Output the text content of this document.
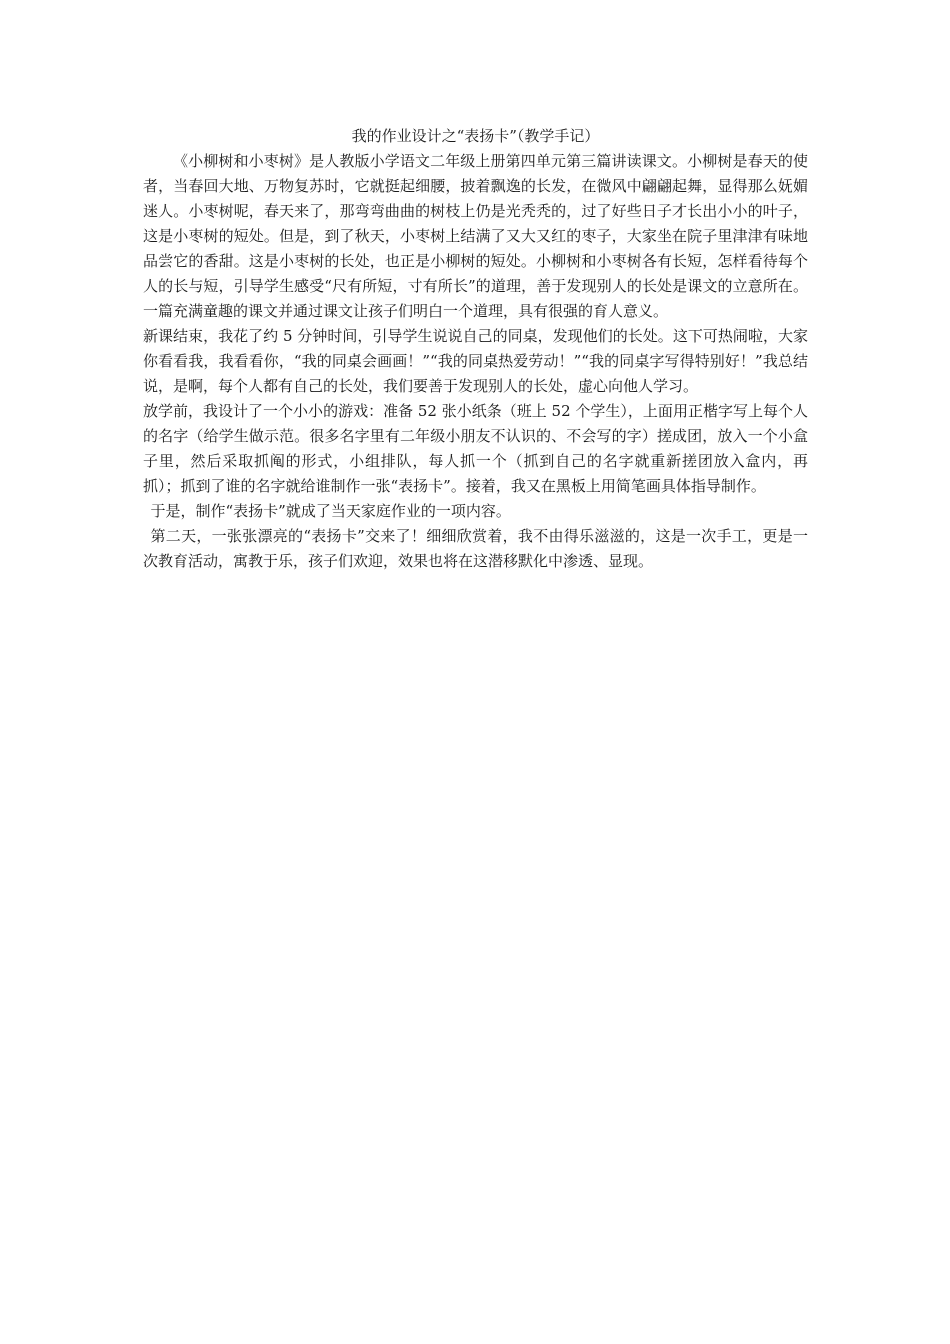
我的作业设计之“表扬卡”（教学手记）

《小柳树和小枣树》是人教版小学语文二年级上册第四单元第三篇讲读课文。小柳树是春天的使者，当春回大地、万物复苏时，它就挺起细腰，披着飘逸的长发，在微风中翩翩起舞，显得那么妩媚迷人。小枣树呢，春天来了，那弯弯曲曲的树枝上仍是光秃秃的，过了好些日子才长出小小的叶子，这是小枣树的短处。但是，到了秋天，小枣树上结满了又大又红的枣子，大家坐在院子里津津有味地品尝它的香甜。这是小枣树的长处，也正是小柳树的短处。小柳树和小枣树各有长短，怎样看待每个人的长与短，引导学生感受“尺有所短，寸有所长”的道理，善于发现别人的长处是课文的立意所在。一篇充满童趣的课文并通过课文让孩子们明白一个道理，具有很强的育人意义。

新课结束，我花了约 5 分钟时间，引导学生说说自己的同桌，发现他们的长处。这下可热闹啦，大家你看看我，我看看你，“我的同桌会画画！”“我的同桌热爱劳动！”“我的同桌字写得特别好！”我总结说，是啊，每个人都有自己的长处，我们要善于发现别人的长处，虚心向他人学习。

放学前，我设计了一个小小的游戏：准备 52 张小纸条（班上 52 个学生），上面用正楷字写上每个人的名字（给学生做示范。很多名字里有二年级小朋友不认识的、不会写的字）搓成团，放入一个小盒子里，然后采取抓阄的形式，小组排队，每人抓一个（抓到自己的名字就重新搓团放入盒内，再抓）；抓到了谁的名字就给谁制作一张“表扬卡”。接着，我又在黑板上用简笔画具体指导制作。

于是，制作“表扬卡”就成了当天家庭作业的一项内容。

第二天，一张张漂亮的“表扬卡”交来了！细细欣赏着，我不由得乐滋滋的，这是一次手工，更是一次教育活动，寓教于乐，孩子们欢迎，效果也将在这潜移默化中渗透、显现。
